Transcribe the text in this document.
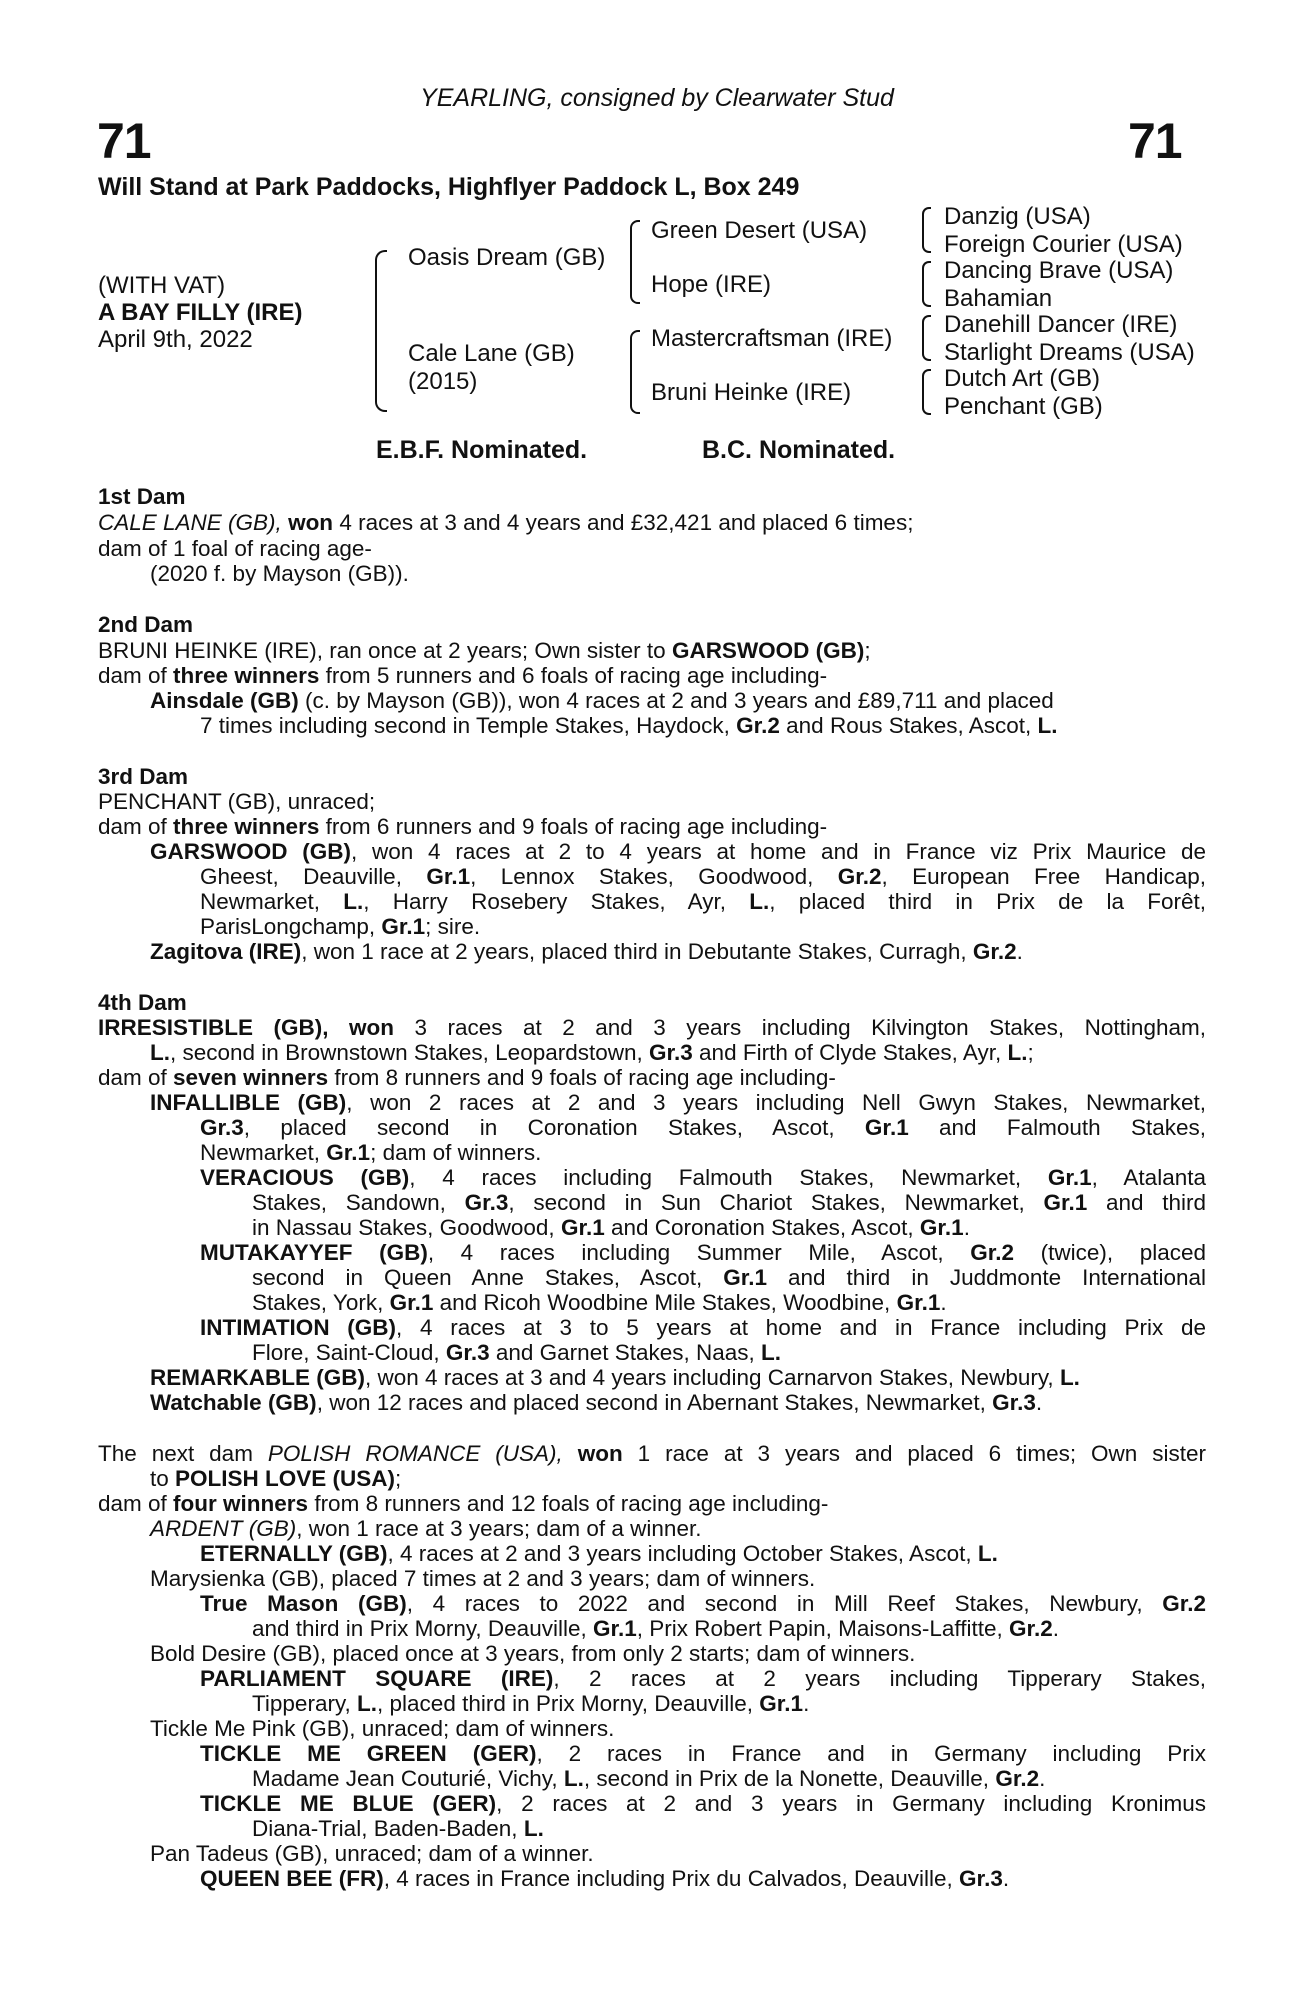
YEARLING, consigned by Clearwater Stud
71	71
Will Stand at Park Paddocks, Highflyer Paddock L, Box 249
(WITH VAT)
A BAY FILLY (IRE)
April 9th, 2022
Oasis Dream (GB)
Cale Lane (GB)
(2015)
Green Desert (USA)
Hope (IRE)
Mastercraftsman (IRE)
Bruni Heinke (IRE)
Danzig (USA)
Foreign Courier (USA)
Dancing Brave (USA)
Bahamian
Danehill Dancer (IRE)
Starlight Dreams (USA)
Dutch Art (GB)
Penchant (GB)
E.B.F. Nominated.	B.C. Nominated.
1st Dam
CALE LANE (GB), won 4 races at 3 and 4 years and £32,421 and placed 6 times;
dam of 1 foal of racing age-
(2020 f. by Mayson (GB)).
2nd Dam
BRUNI HEINKE (IRE), ran once at 2 years; Own sister to GARSWOOD (GB);
dam of three winners from 5 runners and 6 foals of racing age including-
Ainsdale (GB) (c. by Mayson (GB)), won 4 races at 2 and 3 years and £89,711 and placed
7 times including second in Temple Stakes, Haydock, Gr.2 and Rous Stakes, Ascot, L.
3rd Dam
PENCHANT (GB), unraced;
dam of three winners from 6 runners and 9 foals of racing age including-
GARSWOOD (GB), won 4 races at 2 to 4 years at home and in France viz Prix Maurice de
Gheest, Deauville, Gr.1, Lennox Stakes, Goodwood, Gr.2, European Free Handicap,
Newmarket, L., Harry Rosebery Stakes, Ayr, L., placed third in Prix de la Forêt,
ParisLongchamp, Gr.1; sire.
Zagitova (IRE), won 1 race at 2 years, placed third in Debutante Stakes, Curragh, Gr.2.
4th Dam
IRRESISTIBLE (GB), won 3 races at 2 and 3 years including Kilvington Stakes, Nottingham,
L., second in Brownstown Stakes, Leopardstown, Gr.3 and Firth of Clyde Stakes, Ayr, L.;
dam of seven winners from 8 runners and 9 foals of racing age including-
INFALLIBLE (GB), won 2 races at 2 and 3 years including Nell Gwyn Stakes, Newmarket,
Gr.3, placed second in Coronation Stakes, Ascot, Gr.1 and Falmouth Stakes,
Newmarket, Gr.1; dam of winners.
VERACIOUS (GB), 4 races including Falmouth Stakes, Newmarket, Gr.1, Atalanta
Stakes, Sandown, Gr.3, second in Sun Chariot Stakes, Newmarket, Gr.1 and third
in Nassau Stakes, Goodwood, Gr.1 and Coronation Stakes, Ascot, Gr.1.
MUTAKAYYEF (GB), 4 races including Summer Mile, Ascot, Gr.2 (twice), placed
second in Queen Anne Stakes, Ascot, Gr.1 and third in Juddmonte International
Stakes, York, Gr.1 and Ricoh Woodbine Mile Stakes, Woodbine, Gr.1.
INTIMATION (GB), 4 races at 3 to 5 years at home and in France including Prix de
Flore, Saint-Cloud, Gr.3 and Garnet Stakes, Naas, L.
REMARKABLE (GB), won 4 races at 3 and 4 years including Carnarvon Stakes, Newbury, L.
Watchable (GB), won 12 races and placed second in Abernant Stakes, Newmarket, Gr.3.
The next dam POLISH ROMANCE (USA), won 1 race at 3 years and placed 6 times; Own sister
to POLISH LOVE (USA);
dam of four winners from 8 runners and 12 foals of racing age including-
ARDENT (GB), won 1 race at 3 years; dam of a winner.
ETERNALLY (GB), 4 races at 2 and 3 years including October Stakes, Ascot, L.
Marysienka (GB), placed 7 times at 2 and 3 years; dam of winners.
True Mason (GB), 4 races to 2022 and second in Mill Reef Stakes, Newbury, Gr.2
and third in Prix Morny, Deauville, Gr.1, Prix Robert Papin, Maisons-Laffitte, Gr.2.
Bold Desire (GB), placed once at 3 years, from only 2 starts; dam of winners.
PARLIAMENT SQUARE (IRE), 2 races at 2 years including Tipperary Stakes,
Tipperary, L., placed third in Prix Morny, Deauville, Gr.1.
Tickle Me Pink (GB), unraced; dam of winners.
TICKLE ME GREEN (GER), 2 races in France and in Germany including Prix
Madame Jean Couturié, Vichy, L., second in Prix de la Nonette, Deauville, Gr.2.
TICKLE ME BLUE (GER), 2 races at 2 and 3 years in Germany including Kronimus
Diana-Trial, Baden-Baden, L.
Pan Tadeus (GB), unraced; dam of a winner.
QUEEN BEE (FR), 4 races in France including Prix du Calvados, Deauville, Gr.3.
